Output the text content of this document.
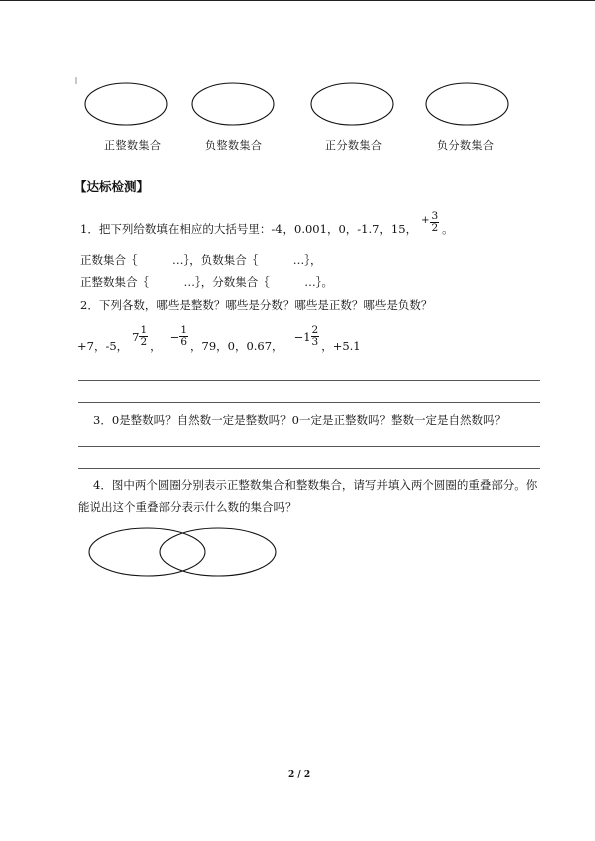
正整数集合	负整数集合	正分数集合	负分数集合
【达标检测】
1．把下列给数填在相应的大括号里：-4，0.001，0，-1.7，15，
+ $\frac{3}{2}$ 。
正数集合｛　　　…｝，负数集合｛　　　…｝，
正整数集合｛　　　…｝，分数集合｛　　　…｝。
2．下列各数，哪些是整数？哪些是分数？哪些是正数？哪些是负数？
+7，-5，
$7 \frac{1}{2}$ ，
− $\frac{1}{6}$ ，79，0，0.67，
$-1 \frac{2}{3}$ ，+5.1
3．0是整数吗？自然数一定是整数吗？0一定是正整数吗？整数一定是自然数吗？
4．图中两个圆圈分别表示正整数集合和整数集合，请写并填入两个圆圈的重叠部分。你
能说出这个重叠部分表示什么数的集合吗？
2 / 2
